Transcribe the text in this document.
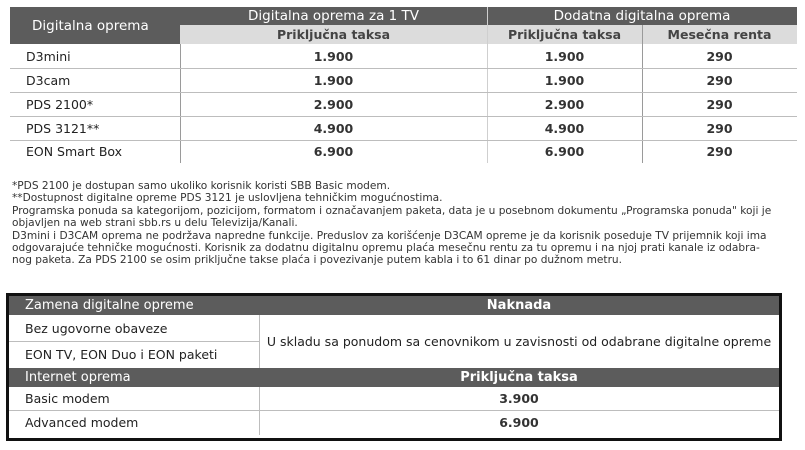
Digitalna oprema
Digitalna oprema za 1 TV	Dodatna digitalna oprema
Priključna taksa	Priključna taksa	Mesečna renta
D3mini	1.900	1.900	290
D3cam	1.900	1.900	290
PDS 2100*	2.900	2.900	290
PDS 3121**	4.900	4.900	290
EON Smart Box	6.900	6.900	290

*PDS 2100 je dostupan samo ukoliko korisnik koristi SBB Basic modem.

**Dostupnost digitalne opreme PDS 3121 je uslovljena tehničkim mogućnostima.

Programska ponuda sa kategorijom, pozicijom, formatom i označavanjem paketa, data je u posebnom dokumentu „Programska ponuda" koji je

objavljen na web strani sbb.rs u delu Televizija/Kanali.

D3mini i D3CAM oprema ne podržava napredne funkcije. Preduslov za korišćenje D3CAM opreme je da korisnik poseduje TV prijemnik koji ima

odgovarajuće tehničke mogućnosti. Korisnik za dodatnu digitalnu opremu plaća mesečnu rentu za tu opremu i na njoj prati kanale iz odabra-

nog paketa. Za PDS 2100 se osim priključne takse plaća i povezivanje putem kabla i to 61 dinar po dužnom metru.

Zamena digitalne opreme	Naknada
Bez ugovorne obaveze
EON TV, EON Duo i EON paketi
U skladu sa ponudom sa cenovnikom u zavisnosti od odabrane digitalne opreme
Internet oprema	Priključna taksa
Basic modem	3.900
Advanced modem	6.900
